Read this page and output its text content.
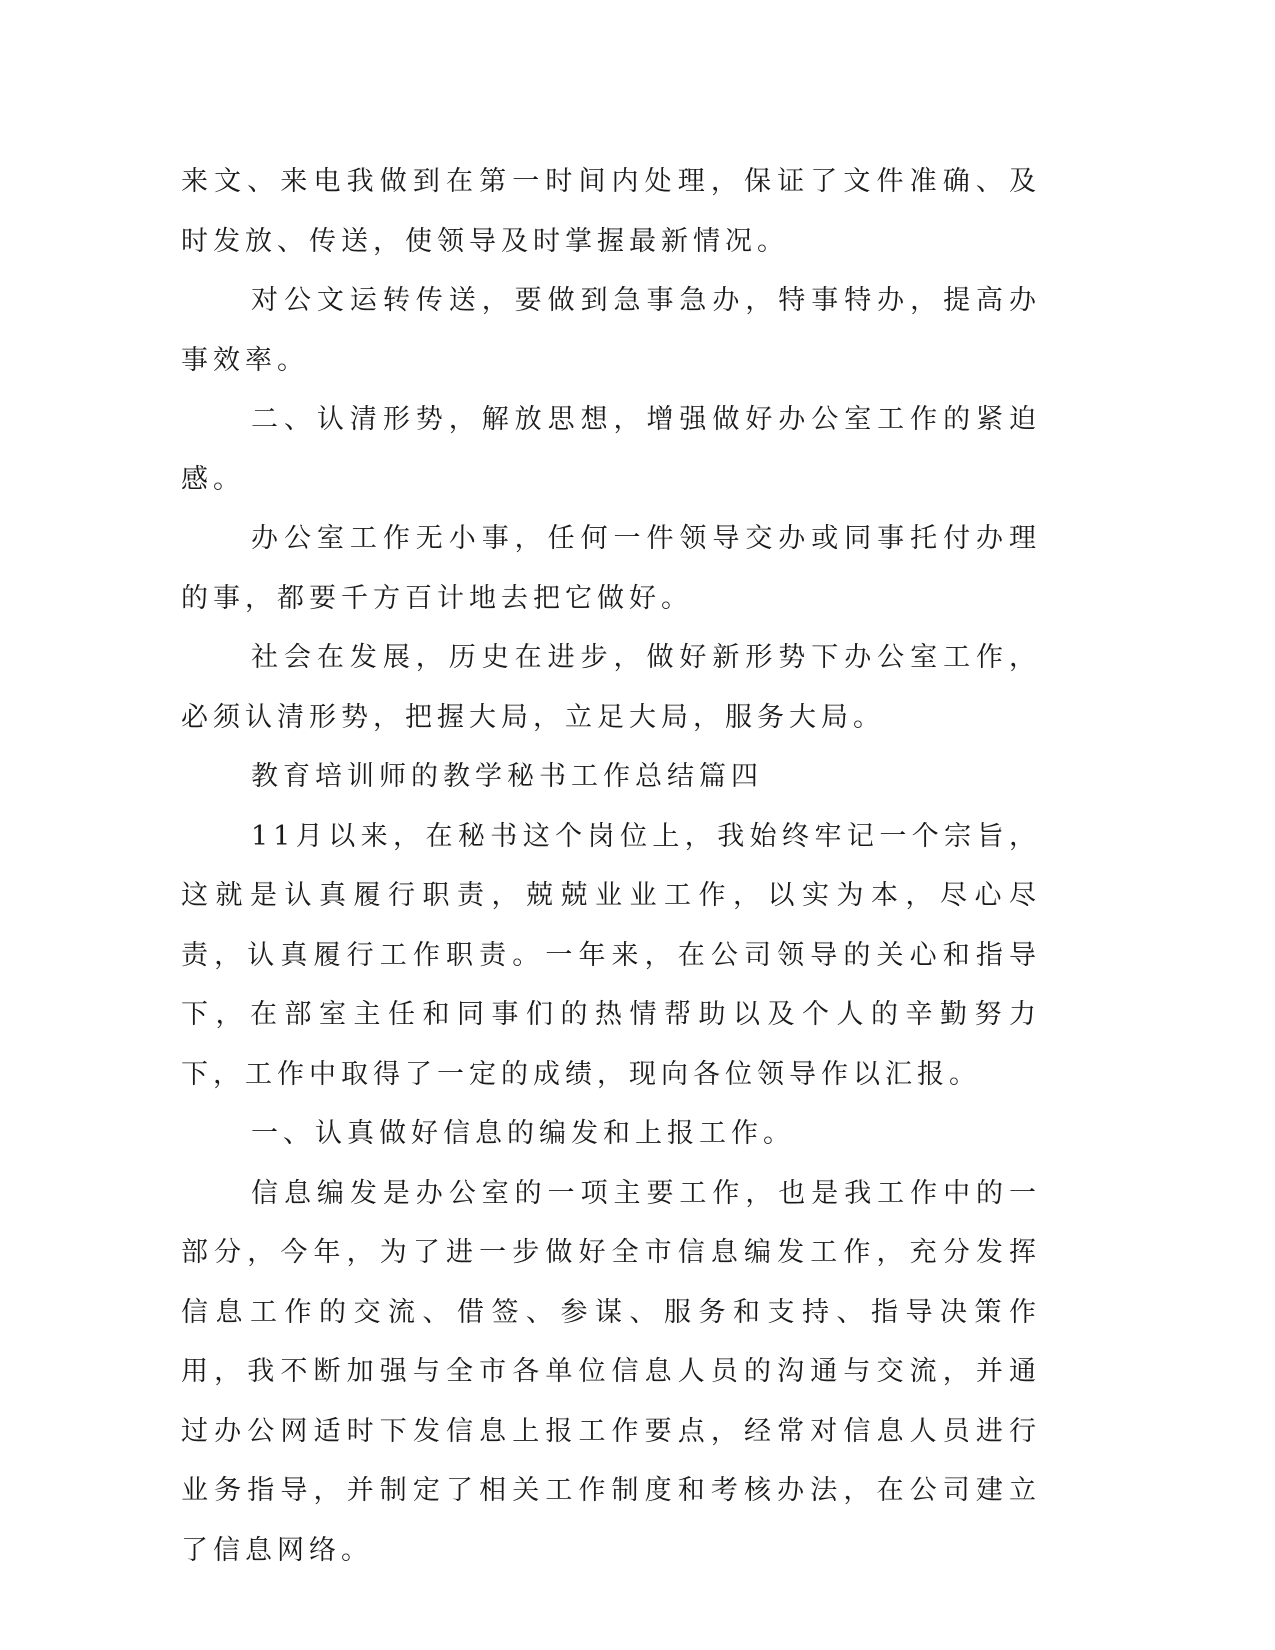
来文、来电我做到在第一时间内处理，保证了文件准确、及时发放、传送，使领导及时掌握最新情况。

对公文运转传送，要做到急事急办，特事特办，提高办事效率。

二、认清形势，解放思想，增强做好办公室工作的紧迫感。

办公室工作无小事，任何一件领导交办或同事托付办理的事，都要千方百计地去把它做好。

社会在发展，历史在进步，做好新形势下办公室工作，必须认清形势，把握大局，立足大局，服务大局。

教育培训师的教学秘书工作总结篇四

11月以来，在秘书这个岗位上，我始终牢记一个宗旨，这就是认真履行职责，兢兢业业工作，以实为本，尽心尽责，认真履行工作职责。一年来，在公司领导的关心和指导下，在部室主任和同事们的热情帮助以及个人的辛勤努力下，工作中取得了一定的成绩，现向各位领导作以汇报。

一、认真做好信息的编发和上报工作。

信息编发是办公室的一项主要工作，也是我工作中的一部分，今年，为了进一步做好全市信息编发工作，充分发挥信息工作的交流、借签、参谋、服务和支持、指导决策作用，我不断加强与全市各单位信息人员的沟通与交流，并通过办公网适时下发信息上报工作要点，经常对信息人员进行业务指导，并制定了相关工作制度和考核办法，在公司建立了信息网络。
